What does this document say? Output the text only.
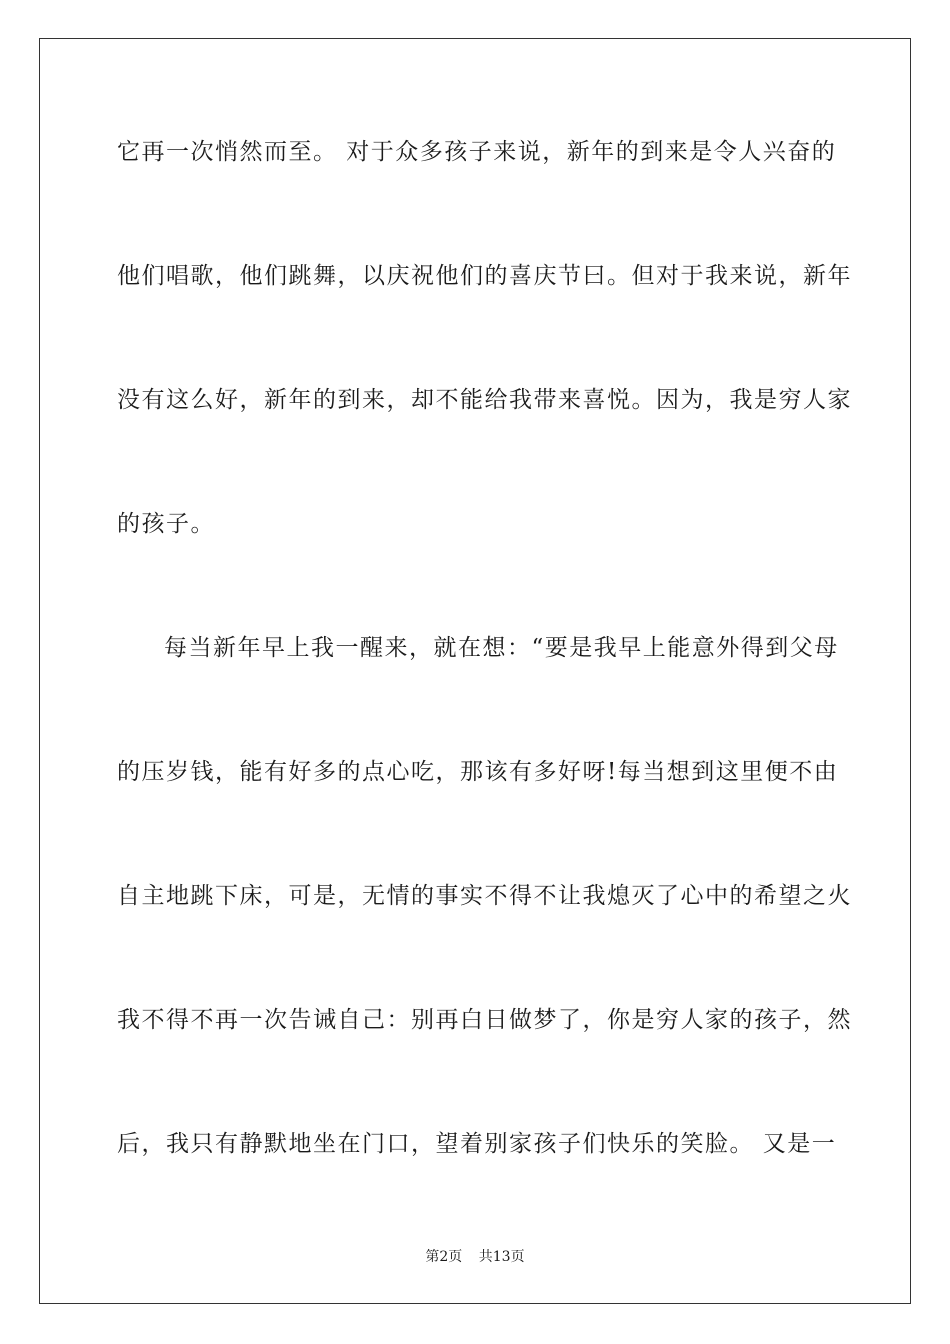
它再一次悄然而至。 对于众多孩子来说，新年的到来是令人兴奋的
他们唱歌，他们跳舞，以庆祝他们的喜庆节曰。但对于我来说，新年
没有这么好，新年的到来，却不能给我带来喜悦。因为，我是穷人家
的孩子。
每当新年早上我一醒来，就在想：“要是我早上能意外得到父母
的压岁钱，能有好多的点心吃，那该有多好呀!每当想到这里便不由
自主地跳下床，可是，无情的事实不得不让我熄灭了心中的希望之火
我不得不再一次告诫自己：别再白日做梦了，你是穷人家的孩子，然
后，我只有静默地坐在门口，望着别家孩子们快乐的笑脸。 又是一
第2页 共13页
